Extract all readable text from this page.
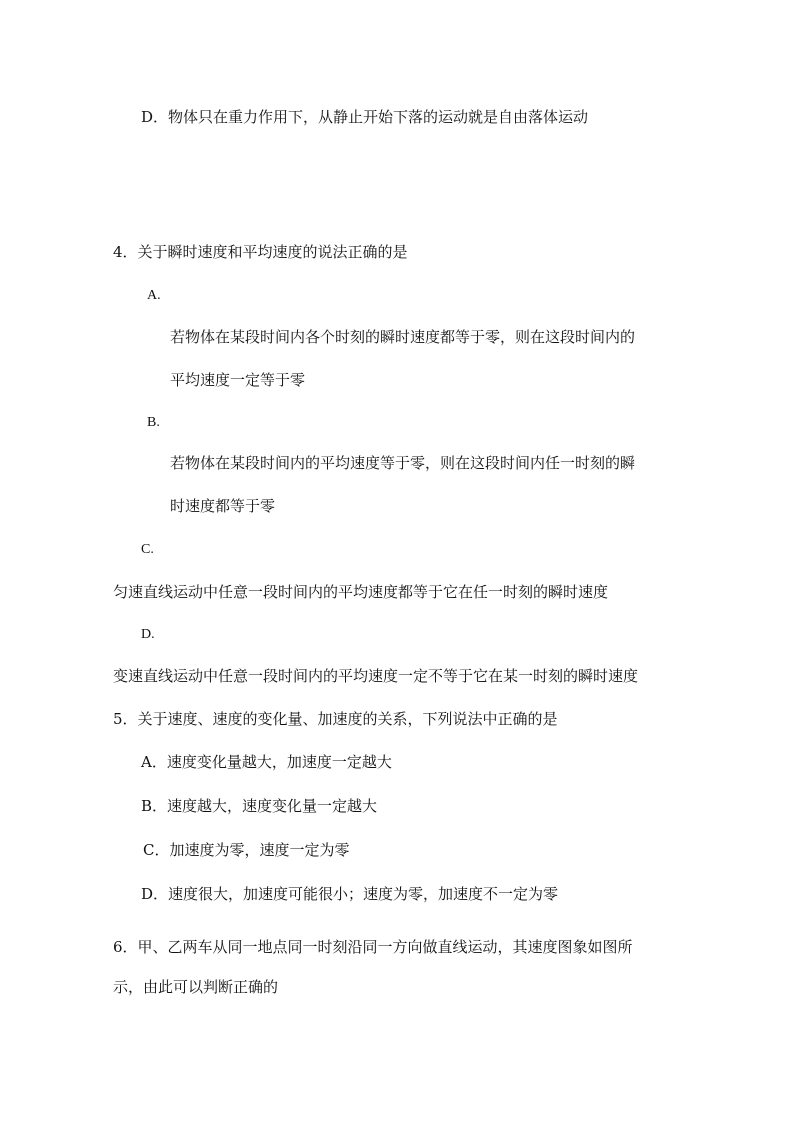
D．物体只在重力作用下，从静止开始下落的运动就是自由落体运动
4．关于瞬时速度和平均速度的说法正确的是
A.
若物体在某段时间内各个时刻的瞬时速度都等于零，则在这段时间内的
平均速度一定等于零
B.
若物体在某段时间内的平均速度等于零，则在这段时间内任一时刻的瞬
时速度都等于零
C.
匀速直线运动中任意一段时间内的平均速度都等于它在任一时刻的瞬时速度
D.
变速直线运动中任意一段时间内的平均速度一定不等于它在某一时刻的瞬时速度
5．关于速度、速度的变化量、加速度的关系，下列说法中正确的是
A．速度变化量越大，加速度一定越大
B．速度越大，速度变化量一定越大
C．加速度为零，速度一定为零
D．速度很大，加速度可能很小；速度为零，加速度不一定为零
6．甲、乙两车从同一地点同一时刻沿同一方向做直线运动，其速度图象如图所
示，由此可以判断正确的
